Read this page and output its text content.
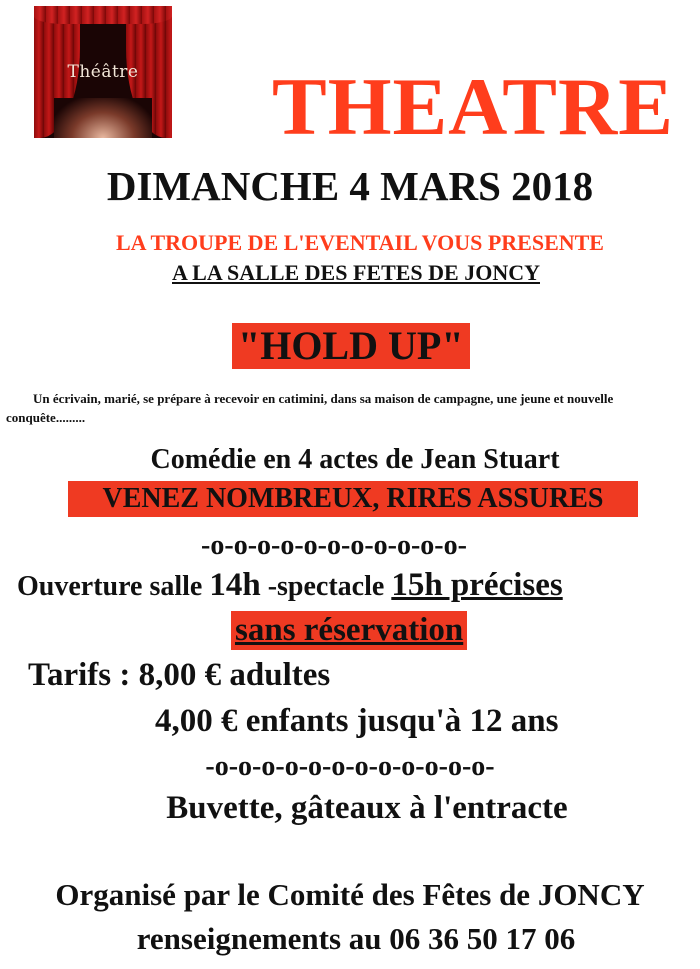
Théâtre	THEATRE
DIMANCHE 4 MARS 2018
LA TROUPE DE L'EVENTAIL VOUS PRESENTE
A LA SALLE DES FETES DE JONCY
"HOLD UP"
Un écrivain, marié, se prépare à recevoir en catimini, dans sa maison de campagne, une jeune et nouvelle conquête.........
Comédie en 4 actes de Jean Stuart
VENEZ NOMBREUX, RIRES ASSURES
-o-o-o-o-o-o-o-o-o-o-o-
Ouverture salle 14h -spectacle 15h précises
sans réservation
Tarifs : 8,00 € adultes
4,00 € enfants jusqu'à 12 ans
-o-o-o-o-o-o-o-o-o-o-o-o-
Buvette, gâteaux à l'entracte
Organisé par le Comité des Fêtes de JONCY
renseignements au 06 36 50 17 06
